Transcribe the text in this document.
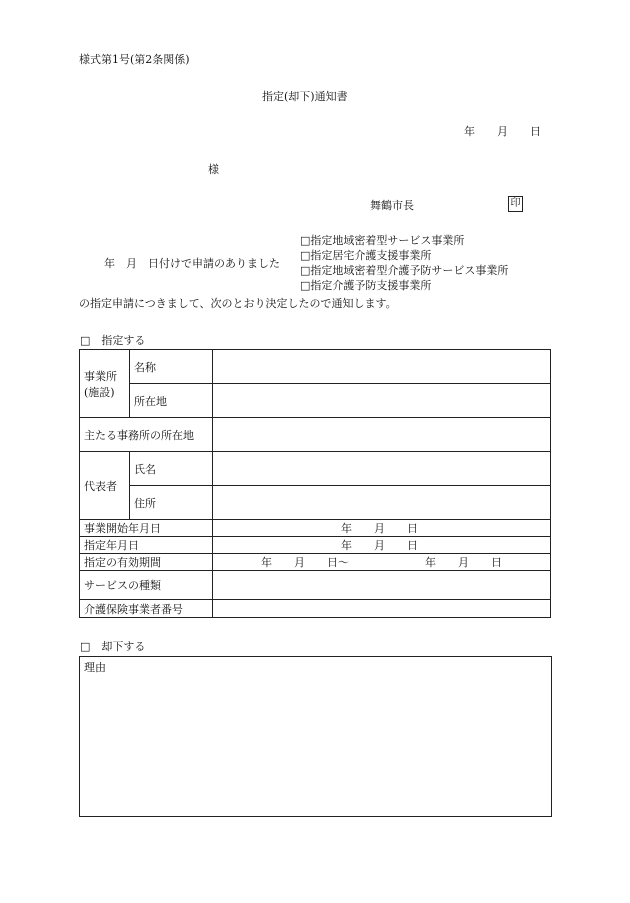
様式第1号(第2条関係)
指定(却下)通知書
年　　月　　日
様
舞鶴市長	印
年　月　日付けで申請のありました
□指定地域密着型サービス事業所
□指定居宅介護支援事業所
□指定地域密着型介護予防サービス事業所
□指定介護予防支援事業所
の指定申請につきまして、次のとおり決定したので通知します。
□　指定する
事業所
(施設)	名称	
	所在地	
主たる事務所の所在地		
代表者	氏名	
	住所	
事業開始年月日		年　　月　　日
指定年月日		年　　月　　日
指定の有効期間		年　　月　　日〜 年　　月　　日
サービスの種類		
介護保険事業者番号		
□　却下する
理由
